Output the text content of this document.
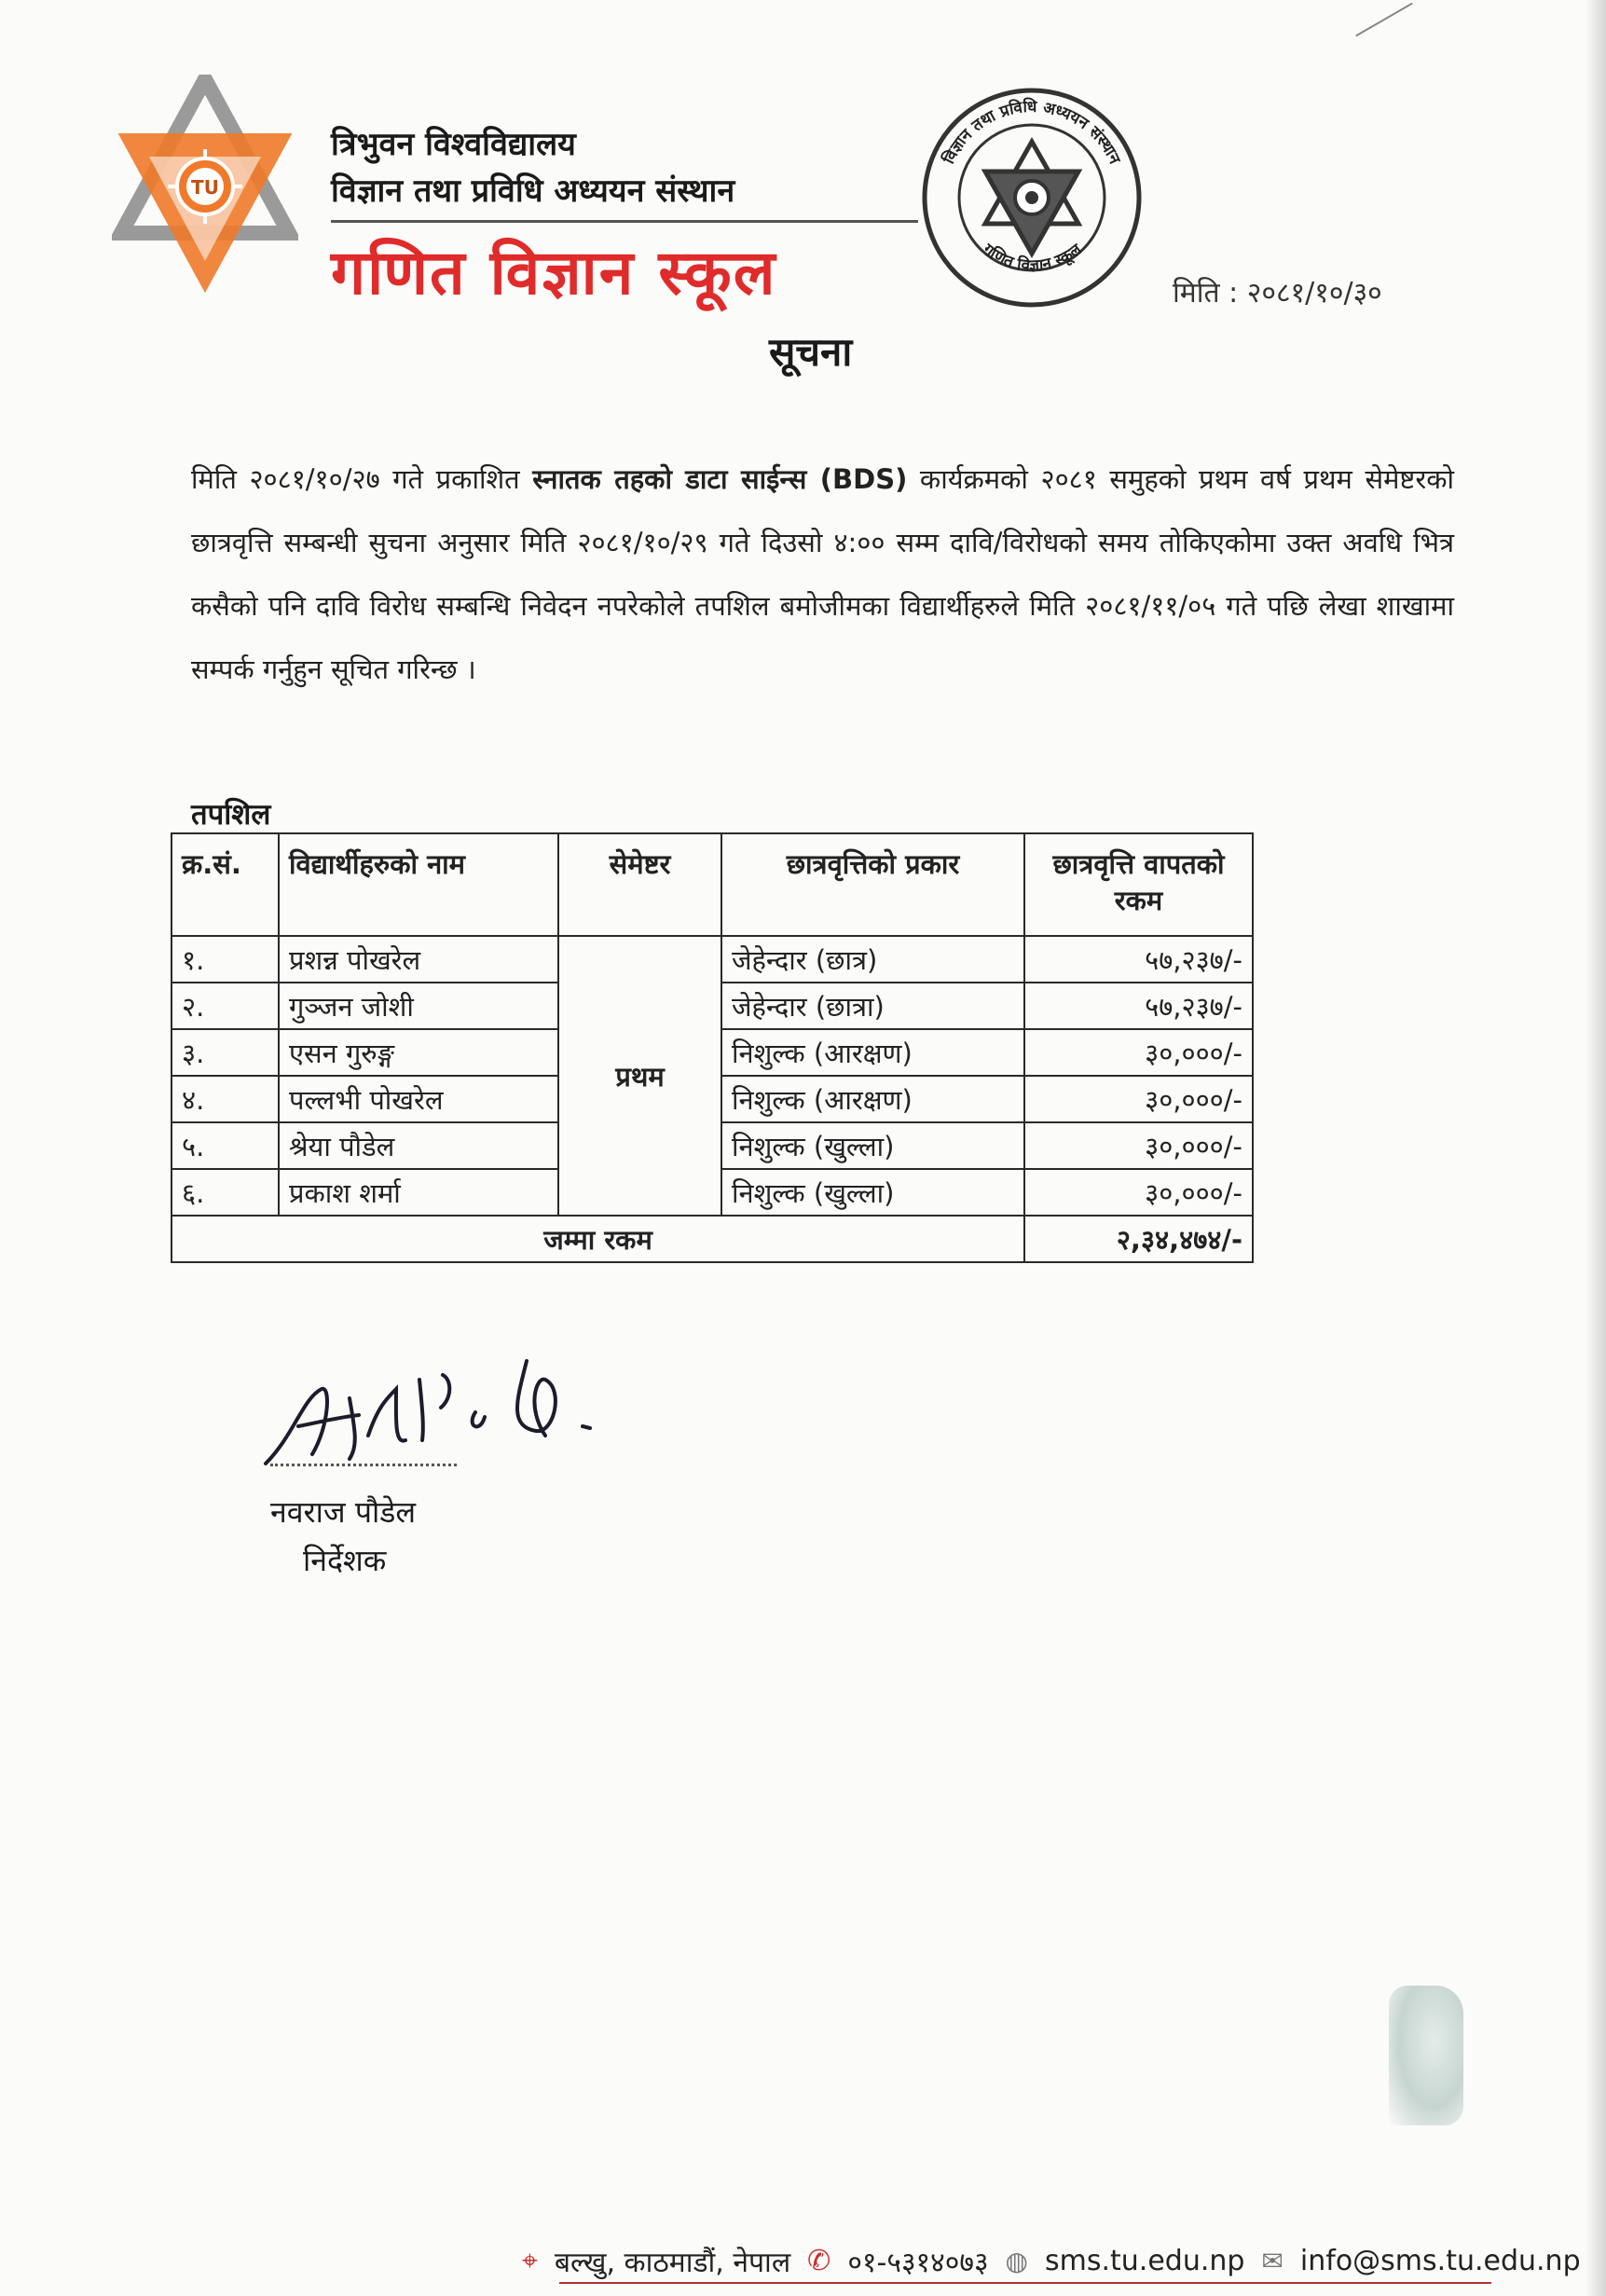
TU
त्रिभुवन विश्वविद्यालय
विज्ञान तथा प्रविधि अध्ययन संस्थान
गणित विज्ञान स्कूल
विज्ञान तथा प्रविधि अध्ययन संस्थान
गणित विज्ञान स्कूल
मिति : २०८१/१०/३०
सूचना
मिति २०८१/१०/२७ गते प्रकाशित स्नातक तहको डाटा साईन्स (BDS) कार्यक्रमको २०८१ समुहको प्रथम वर्ष प्रथम सेमेष्टरको छात्रवृत्ति सम्बन्धी सुचना अनुसार मिति २०८१/१०/२९ गते दिउसो ४:०० सम्म दावि/विरोधको समय तोकिएकोमा उक्त अवधि भित्र कसैको पनि दावि विरोध सम्बन्धि निवेदन नपरेकोले तपशिल बमोजीमका विद्यार्थीहरुले मिति २०८१/११/०५ गते पछि लेखा शाखामा सम्पर्क गर्नुहुन सूचित गरिन्छ ।
तपशिल
क्र.सं.	विद्यार्थीहरुको नाम	सेमेष्टर	छात्रवृत्तिको प्रकार	छात्रवृत्ति वापतको रकम
१.	प्रशन्न पोखरेल	प्रथम	जेहेन्दार (छात्र)	५७,२३७/-
२.	गुञ्जन जोशी		जेहेन्दार (छात्रा)	५७,२३७/-
३.	एसन गुरुङ्ग		निशुल्क (आरक्षण)	३०,०००/-
४.	पल्लभी पोखरेल		निशुल्क (आरक्षण)	३०,०००/-
५.	श्रेया पौडेल		निशुल्क (खुल्ला)	३०,०००/-
६.	प्रकाश शर्मा		निशुल्क (खुल्ला)	३०,०००/-
जम्मा रकम				२,३४,४७४/-
नवराज पौडेल
निर्देशक
⌖ बल्खु, काठमाडौं, नेपाल ✆ ०१-५३१४०७३ ◍ sms.tu.edu.np ✉ info@sms.tu.edu.np
